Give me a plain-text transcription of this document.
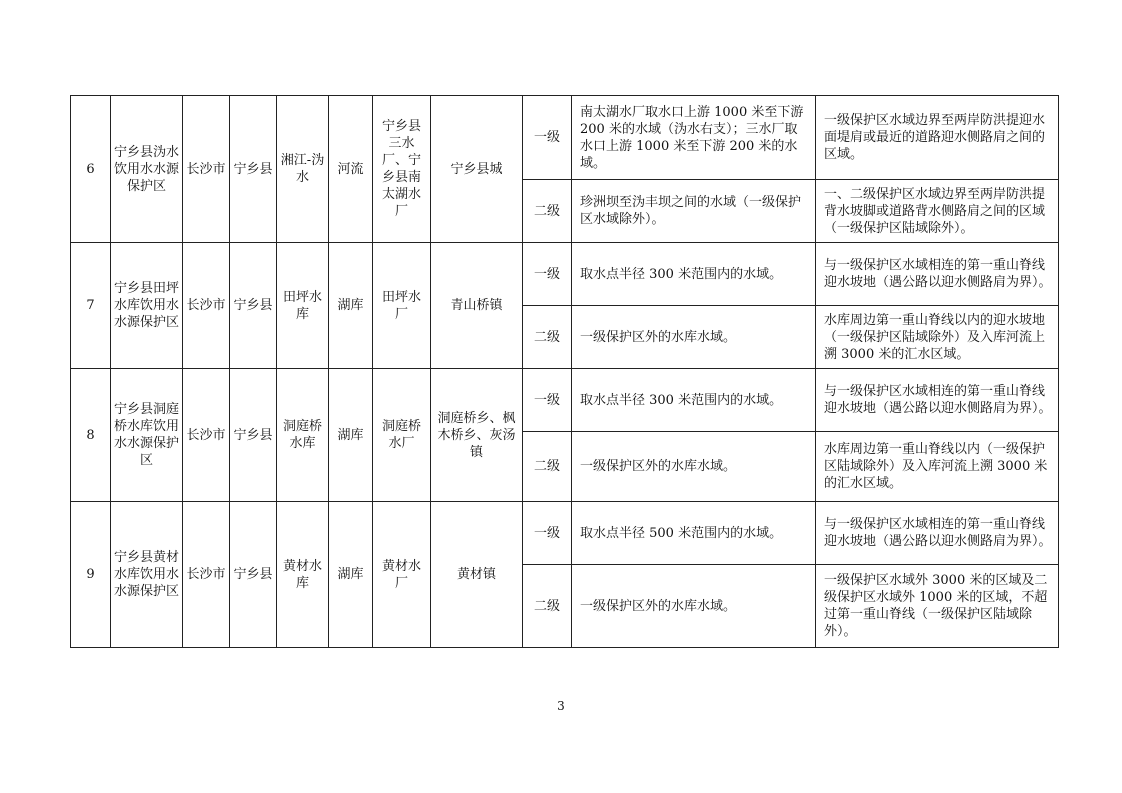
6	宁乡县沩水饮用水水源保护区	长沙市	宁乡县	湘江-沩水	河流	宁乡县三水厂、宁乡县南太湖水厂	宁乡县城	一级	南太湖水厂取水口上游 1000 米至下游 200 米的水域（沩水右支）；三水厂取水口上游 1000 米至下游 200 米的水域。	一级保护区水域边界至两岸防洪提迎水面堤肩或最近的道路迎水侧路肩之间的区域。
								二级	珍洲坝至沩丰坝之间的水域（一级保护区水域除外）。	一、二级保护区水域边界至两岸防洪提背水坡脚或道路背水侧路肩之间的区域（一级保护区陆域除外）。
7	宁乡县田坪水库饮用水水源保护区	长沙市	宁乡县	田坪水库	湖库	田坪水厂	青山桥镇	一级	取水点半径 300 米范围内的水域。	与一级保护区水域相连的第一重山脊线迎水坡地（遇公路以迎水侧路肩为界）。
								二级	一级保护区外的水库水域。	水库周边第一重山脊线以内的迎水坡地（一级保护区陆域除外）及入库河流上溯 3000 米的汇水区域。
8	宁乡县洞庭桥水库饮用水水源保护区	长沙市	宁乡县	洞庭桥水库	湖库	洞庭桥水厂	洞庭桥乡、枫木桥乡、灰汤镇	一级	取水点半径 300 米范围内的水域。	与一级保护区水域相连的第一重山脊线迎水坡地（遇公路以迎水侧路肩为界）。
								二级	一级保护区外的水库水域。	水库周边第一重山脊线以内（一级保护区陆域除外）及入库河流上溯 3000 米的汇水区域。
9	宁乡县黄材水库饮用水水源保护区	长沙市	宁乡县	黄材水库	湖库	黄材水厂	黄材镇	一级	取水点半径 500 米范围内的水域。	与一级保护区水域相连的第一重山脊线迎水坡地（遇公路以迎水侧路肩为界）。
								二级	一级保护区外的水库水域。	一级保护区水域外 3000 米的区域及二级保护区水域外 1000 米的区域，不超过第一重山脊线（一级保护区陆域除外）。
3
